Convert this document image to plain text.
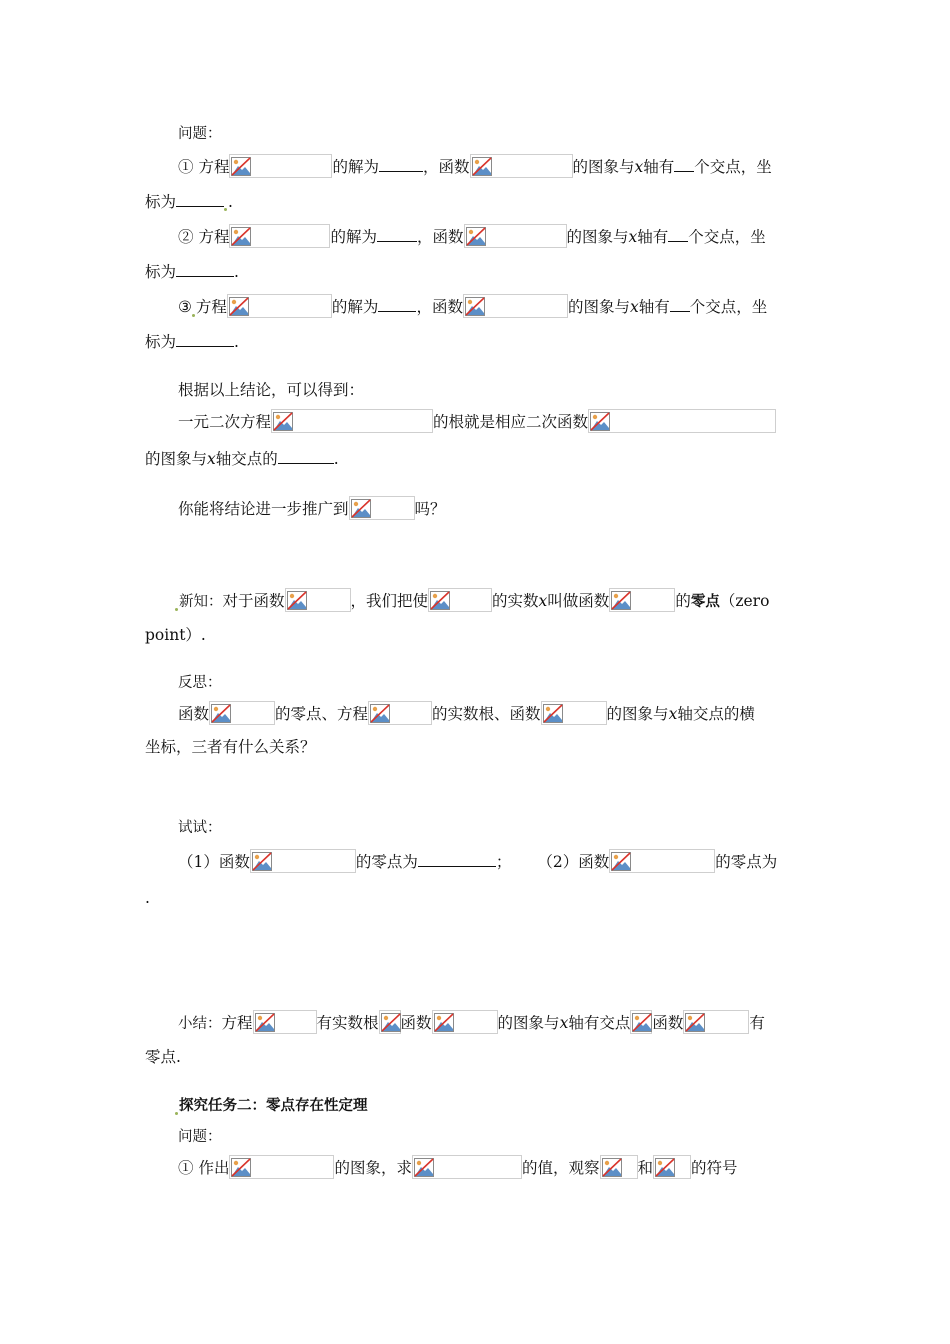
问题：
① 方程	的解为	，函数	的图象与x轴有 个交点，坐
标为	.
② 方程	的解为	，函数	的图象与x轴有 个交点，坐
标为	.
③ 方程	的解为 ，函数	的图象与x轴有 个交点，坐
标为	.
根据以上结论，可以得到：
一元二次方程	的根就是相应二次函数
的图象与x轴交点的	.
你能将结论进一步推广到	吗？
新知：对于函数	，我们把使	的实数x叫做函数	的零点（zero
point）.
反思：
函数	的零点、方程	的实数根、函数	的图象与x轴交点的横
坐标，三者有什么关系？
试试：
（1）函数	的零点为	； （2）函数	的零点为
.
小结：方程	有实数根 函数	的图象与x轴有交点 函数	有
零点.
探究任务二：零点存在性定理
问题：
① 作出	的图象，求	的值，观察 和 的符号
